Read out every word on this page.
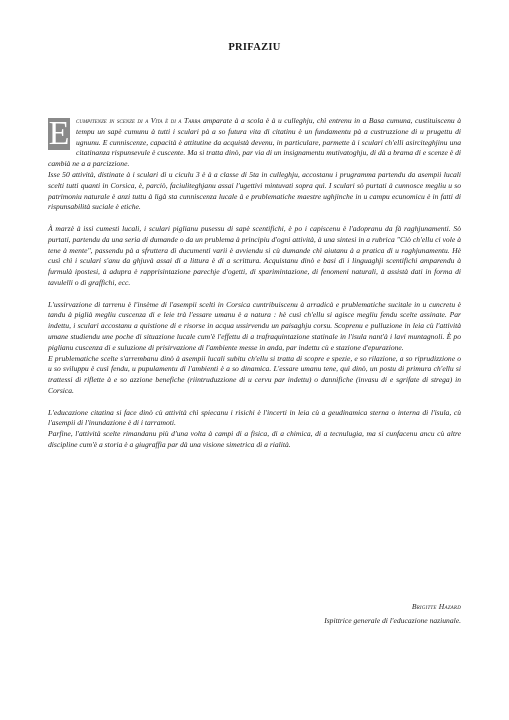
PRIFAZIU

E cumpitenze in scenze di a Vita è di a Tarra amparate à a scola è à u culleghju, chì entrenu in a Basa cumuna, custituiscenu à tempu un sapè cumunu à tutti i sculari pà a so futura vita di citatinu è un fundamentu pà a custruzzione di u prugettu di ugnunu. E cunniscenze, capacità è attitutine da acquistà devenu, in particulare, parmette à i sculari ch'elli asirciteghjinu una citatinanza rispunsevule è cuscente. Ma si tratta dinò, par via di un insignamentu mutivatoghju, di dà a brama di e scenze è di cambià ne a a parcizzione.

Isse 50 attività, distinate à i sculari di u ciculu 3 è à a classe di 5ta in culleghju, accostanu i prugramma partendu da asempii lucali scelti tutti quanti in Corsica, è, parciò, faciuliteghjanu assai l'ugettivi mintuvati sopra quì. I sculari sò purtati à cunnosce megliu u so patrimoniu naturale è anzi tuttu à ligà sta cunniscenza lucale à e prublematiche maestre ughjinche in u campu ecunomicu è in fatti di rispunsabilità suciale è etiche.

À marzè à issi cumesti lucali, i sculari piglianu pusessu di sapè scentifichi, è po i capiscenu è l'adopranu da fà raghjunamenti. Sò purtati, partendu da una seria di dumande o da un prublema à principiu d'ogni attività, à una sintesi in a rubrica "Ciò ch'ellu ci vole à tene à mente", passendu pà a sfruttera di ducumenti varii è avviendu si cù dumande chì aiutanu à a pratica di u raghjunamentu. Hè cusì chì i sculari s'anu da ghjuvà assai di a littura è di a scrittura. Acquistanu dinò e basi di i linguaghji scentifichi amparendu à furmulà ipostesi, à adupra è rapprisintazione parechje d'ogetti, di sparimintazione, di fenomeni naturali, à assistà dati in forma di tavulelli o di graffichi, ecc.

L'ussirvazione di tarrenu è l'insème di l'asempii scelti in Corsica cuntribuiscenu à arradicà e prublematiche sucitale in u cuncretu è tandu à piglià megliu cuscenza di e leie trà l'essare umanu è a natura : hè cusì ch'ellu si agisce megliu fendu scelte assinate. Par indettu, i sculari accostanu a quistione di e risorse in acqua ussirvendu un paisaghju corsu. Scoprenu e pulluzione in leia cù l'attività umane studiendu une poche di situazione lucale cum'è l'effettu di a trafraquintazione statinale in l'isula nant'à i lavi muntagnoli. È po piglianu cuscenza di e suluzione di prisirvazione di l'ambiente messe in anda, par indettu cù e stazione d'epurazione.

E prublematiche scelte s'arrembanu dinò à asempii lucali subitu ch'ellu si tratta di scopre e spezie, e so rilazione, a so riprudizzione o u so sviluppu è cusì fendu, u pupulamentu di l'ambienti è a so dinamica. L'essare umanu tene, quì dinò, un postu di primura ch'ellu si trattessi di riflette à e so azzione benefiche (riintruduzzione di u cervu par indettu) o dannifiche (invasu di e sgrifate di strega) in Corsica.

L'educazione citatina si face dinò cù attività chì spiecanu i risichi è l'incerti in leia cù a geudinamica sterna o interna di l'isula, cù l'asempii di l'inundazione è di i tarramoti.

Parfine, l'attività scelte rimandanu più d'una volta à campi di a fisica, di a chimica, di a tecnulugia, ma si cunfacenu ancu cù altre discipline cum'è a storia è a giugraffia par dà una visione simetrica di a rialità.

Brigitte Hazard
Ispittrice generale di l'educazione naziunale.
